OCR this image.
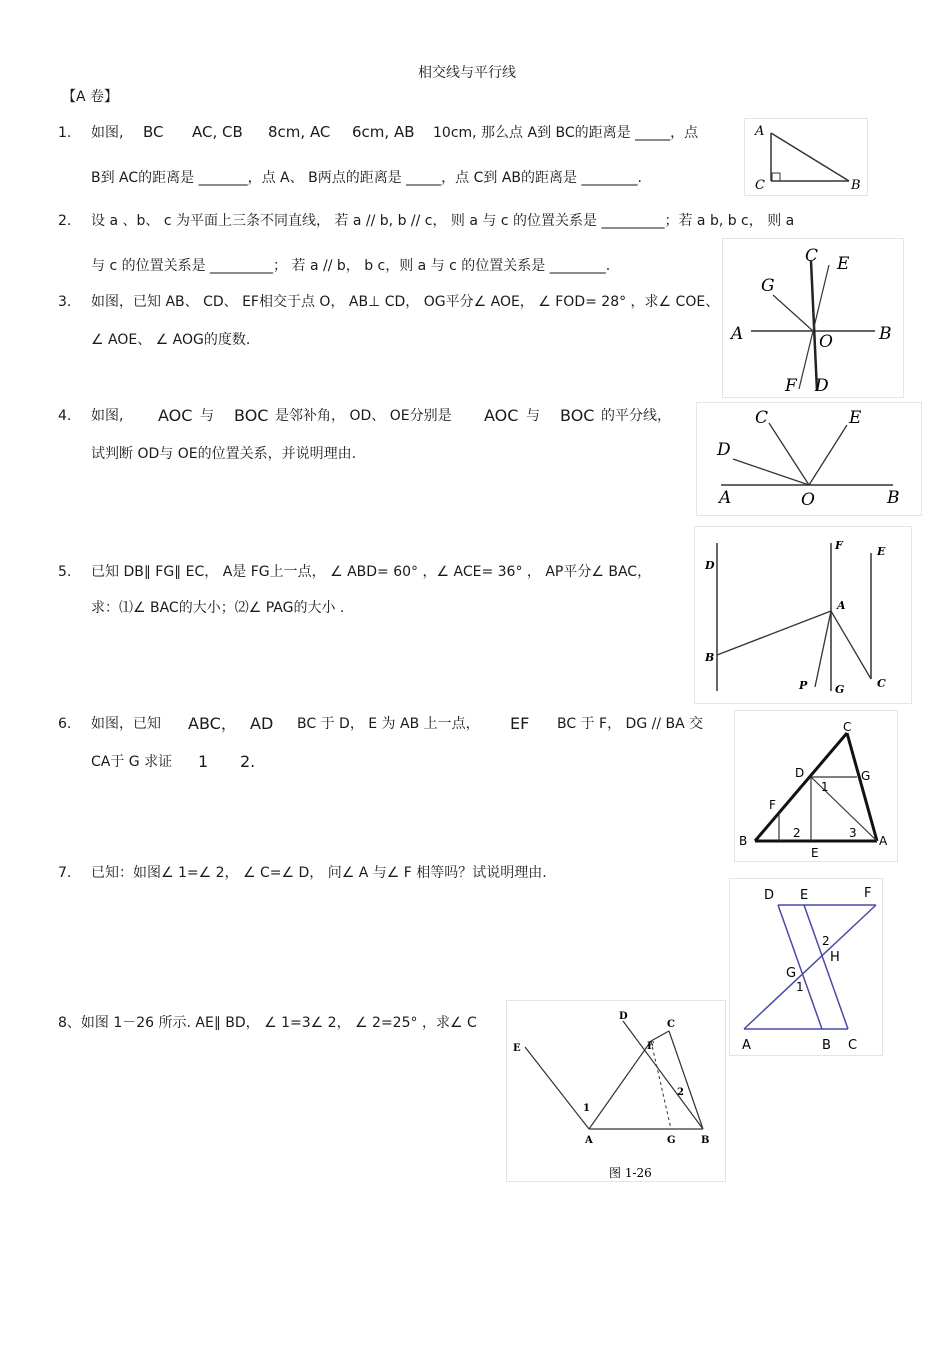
相交线与平行线
【A 卷】
1. 如图, BC AC, CB 8cm, AC 6cm, AB 10cm, 那么点 A到 BC的距离是 _____，点
B到 AC的距离是 _______，点 A、 B两点的距离是 _____，点 C到 AB的距离是 ________.
A
C	B
2. 设 a 、b、 c 为平面上三条不同直线， 若 a // b, b // c， 则 a 与 c 的位置关系是 _________；若 a b, b c， 则 a
与 c 的位置关系是 _________； 若 a // b， b c，则 a 与 c 的位置关系是 ________.	C E
G
A	O	B
F D
3. 如图，已知 AB、 CD、 EF相交于点 O， AB⊥ CD， OG平分∠ AOE， ∠ FOD= 28° ，求∠ COE、
∠ AOE、 ∠ AOG的度数.
4. 如图, AOC 与 BOC 是邻补角， OD、 OE分别是 AOC 与 BOC 的平分线，
试判断 OD与 OE的位置关系，并说明理由.
C	E
D
A	O	B
D
F	E
A
B
P	G	C
5. 已知 DB∥ FG∥ EC， A是 FG上一点， ∠ ABD= 60° ，∠ ACE= 36° ， AP平分∠ BAC，
求：⑴∠ BAC的大小；⑵∠ PAG的大小 .
6. 如图，已知 ABC， AD BC 于 D， E 为 AB 上一点， EF BC 于 F， DG // BA 交
CA于 G 求证 1 2.
C
D	G
1
F
2	3
B
E
A
7. 已知：如图∠ 1=∠ 2， ∠ C=∠ D， 问∠ A 与∠ F 相等吗？试说明理由.
D E	F
2
H
G
1
A	B C
8、如图 1－26 所示. AE∥ BD， ∠ 1=3∠ 2， ∠ 2=25° ，求∠ C	D
C
E	F
2
1
A	G	B
图 1-26
